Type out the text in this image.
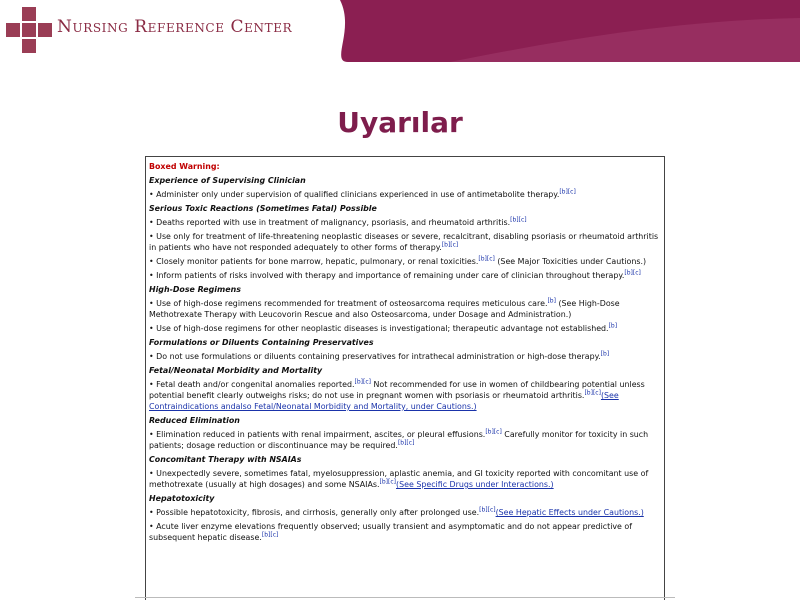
Nursing Reference Center
Uyarılar
Boxed Warning:
Experience of Supervising Clinician
• Administer only under supervision of qualified clinicians experienced in use of antimetabolite therapy.[b][c]
Serious Toxic Reactions (Sometimes Fatal) Possible
• Deaths reported with use in treatment of malignancy, psoriasis, and rheumatoid arthritis.[b][c]
• Use only for treatment of life-threatening neoplastic diseases or severe, recalcitrant, disabling psoriasis or rheumatoid arthritis in patients who have not responded adequately to other forms of therapy.[b][c]
• Closely monitor patients for bone marrow, hepatic, pulmonary, or renal toxicities.[b][c] (See Major Toxicities under Cautions.)
• Inform patients of risks involved with therapy and importance of remaining under care of clinician throughout therapy.[b][c]
High-Dose Regimens
• Use of high-dose regimens recommended for treatment of osteosarcoma requires meticulous care.[b] (See High-Dose Methotrexate Therapy with Leucovorin Rescue and also Osteosarcoma, under Dosage and Administration.)
• Use of high-dose regimens for other neoplastic diseases is investigational; therapeutic advantage not established.[b]
Formulations or Diluents Containing Preservatives
• Do not use formulations or diluents containing preservatives for intrathecal administration or high-dose therapy.[b]
Fetal/Neonatal Morbidity and Mortality
• Fetal death and/or congenital anomalies reported.[b][c] Not recommended for use in women of childbearing potential unless potential benefit clearly outweighs risks; do not use in pregnant women with psoriasis or rheumatoid arthritis.[b][c](See Contraindications andalso Fetal/Neonatal Morbidity and Mortality, under Cautions.)
Reduced Elimination
• Elimination reduced in patients with renal impairment, ascites, or pleural effusions.[b][c] Carefully monitor for toxicity in such patients; dosage reduction or discontinuance may be required.[b][c]
Concomitant Therapy with NSAIAs
• Unexpectedly severe, sometimes fatal, myelosuppression, aplastic anemia, and GI toxicity reported with concomitant use of methotrexate (usually at high dosages) and some NSAIAs.[b][c](See Specific Drugs under Interactions.)
Hepatotoxicity
• Possible hepatotoxicity, fibrosis, and cirrhosis, generally only after prolonged use.[b][c](See Hepatic Effects under Cautions.)
• Acute liver enzyme elevations frequently observed; usually transient and asymptomatic and do not appear predictive of subsequent hepatic disease.[b][c]
